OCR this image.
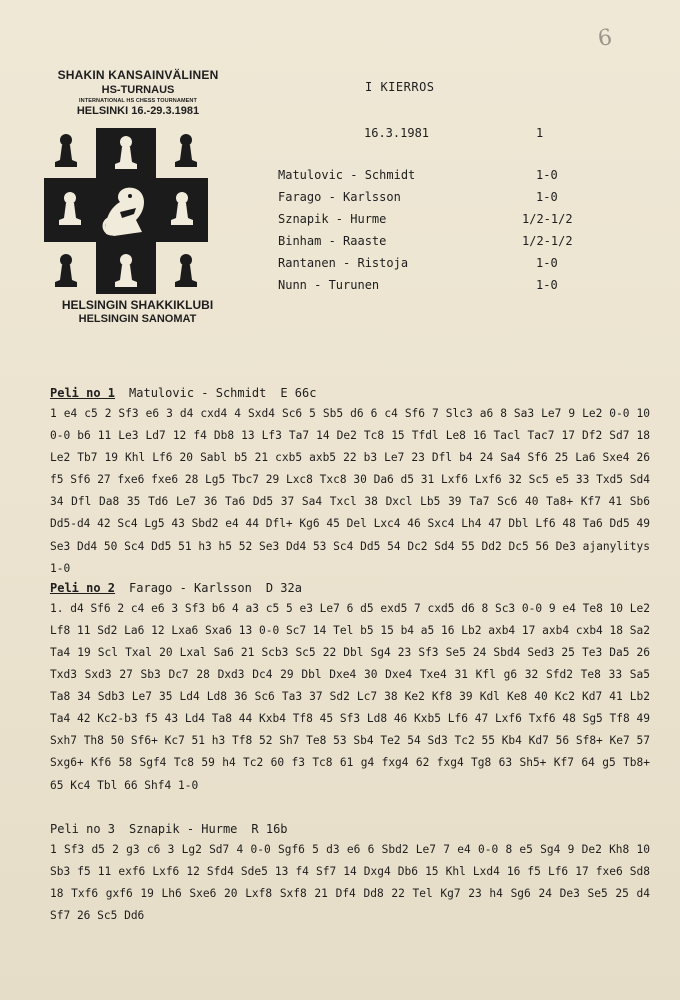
6
SHAKIN KANSAINVÄLINEN
HS-TURNAUS
INTERNATIONAL HS CHESS TOURNAMENT
HELSINKI 16.-29.3.1981
HELSINGIN SHAKKIKLUBI
HELSINGIN SANOMAT
I KIERROS
16.3.1981	1
Matulovic - Schmidt	1-0
Farago - Karlsson	1-0
Sznapik - Hurme	1/2-1/2
Binham - Raaste	1/2-1/2
Rantanen - Ristoja	1-0
Nunn - Turunen	1-0
Peli no 1 Matulovic - Schmidt E 66c

1 e4 c5 2 Sf3 e6 3 d4 cxd4 4 Sxd4 Sc6 5 Sb5 d6 6 c4 Sf6 7 Slc3 a6 8 Sa3 Le7 9 Le2 0-0 10 0-0 b6 11 Le3 Ld7 12 f4 Db8 13 Lf3 Ta7 14 De2 Tc8 15 Tfdl Le8 16 Tacl Tac7 17 Df2 Sd7 18 Le2 Tb7 19 Khl Lf6 20 Sabl b5 21 cxb5 axb5 22 b3 Le7 23 Dfl b4 24 Sa4 Sf6 25 La6 Sxe4 26 f5 Sf6 27 fxe6 fxe6 28 Lg5 Tbc7 29 Lxc8 Txc8 30 Da6 d5 31 Lxf6 Lxf6 32 Sc5 e5 33 Txd5 Sd4 34 Dfl Da8 35 Td6 Le7 36 Ta6 Dd5 37 Sa4 Txcl 38 Dxcl Lb5 39 Ta7 Sc6 40 Ta8+ Kf7 41 Sb6 Dd5-d4 42 Sc4 Lg5 43 Sbd2 e4 44 Dfl+ Kg6 45 Del Lxc4 46 Sxc4 Lh4 47 Dbl Lf6 48 Ta6 Dd5 49 Se3 Dd4 50 Sc4 Dd5 51 h3 h5 52 Se3 Dd4 53 Sc4 Dd5 54 Dc2 Sd4 55 Dd2 Dc5 56 De3 ajanylitys 1-0

Peli no 2 Farago - Karlsson D 32a

1. d4 Sf6 2 c4 e6 3 Sf3 b6 4 a3 c5 5 e3 Le7 6 d5 exd5 7 cxd5 d6 8 Sc3 0-0 9 e4 Te8 10 Le2 Lf8 11 Sd2 La6 12 Lxa6 Sxa6 13 0-0 Sc7 14 Tel b5 15 b4 a5 16 Lb2 axb4 17 axb4 cxb4 18 Sa2 Ta4 19 Scl Txal 20 Lxal Sa6 21 Scb3 Sc5 22 Dbl Sg4 23 Sf3 Se5 24 Sbd4 Sed3 25 Te3 Da5 26 Txd3 Sxd3 27 Sb3 Dc7 28 Dxd3 Dc4 29 Dbl Dxe4 30 Dxe4 Txe4 31 Kfl g6 32 Sfd2 Te8 33 Sa5 Ta8 34 Sdb3 Le7 35 Ld4 Ld8 36 Sc6 Ta3 37 Sd2 Lc7 38 Ke2 Kf8 39 Kdl Ke8 40 Kc2 Kd7 41 Lb2 Ta4 42 Kc2-b3 f5 43 Ld4 Ta8 44 Kxb4 Tf8 45 Sf3 Ld8 46 Kxb5 Lf6 47 Lxf6 Txf6 48 Sg5 Tf8 49 Sxh7 Th8 50 Sf6+ Kc7 51 h3 Tf8 52 Sh7 Te8 53 Sb4 Te2 54 Sd3 Tc2 55 Kb4 Kd7 56 Sf8+ Ke7 57 Sxg6+ Kf6 58 Sgf4 Tc8 59 h4 Tc2 60 f3 Tc8 61 g4 fxg4 62 fxg4 Tg8 63 Sh5+ Kf7 64 g5 Tb8+ 65 Kc4 Tbl 66 Shf4 1-0

Peli no 3 Sznapik - Hurme R 16b

1 Sf3 d5 2 g3 c6 3 Lg2 Sd7 4 0-0 Sgf6 5 d3 e6 6 Sbd2 Le7 7 e4 0-0 8 e5 Sg4 9 De2 Kh8 10 Sb3 f5 11 exf6 Lxf6 12 Sfd4 Sde5 13 f4 Sf7 14 Dxg4 Db6 15 Khl Lxd4 16 f5 Lf6 17 fxe6 Sd8 18 Txf6 gxf6 19 Lh6 Sxe6 20 Lxf8 Sxf8 21 Df4 Dd8 22 Tel Kg7 23 h4 Sg6 24 De3 Se5 25 d4 Sf7 26 Sc5 Dd6
